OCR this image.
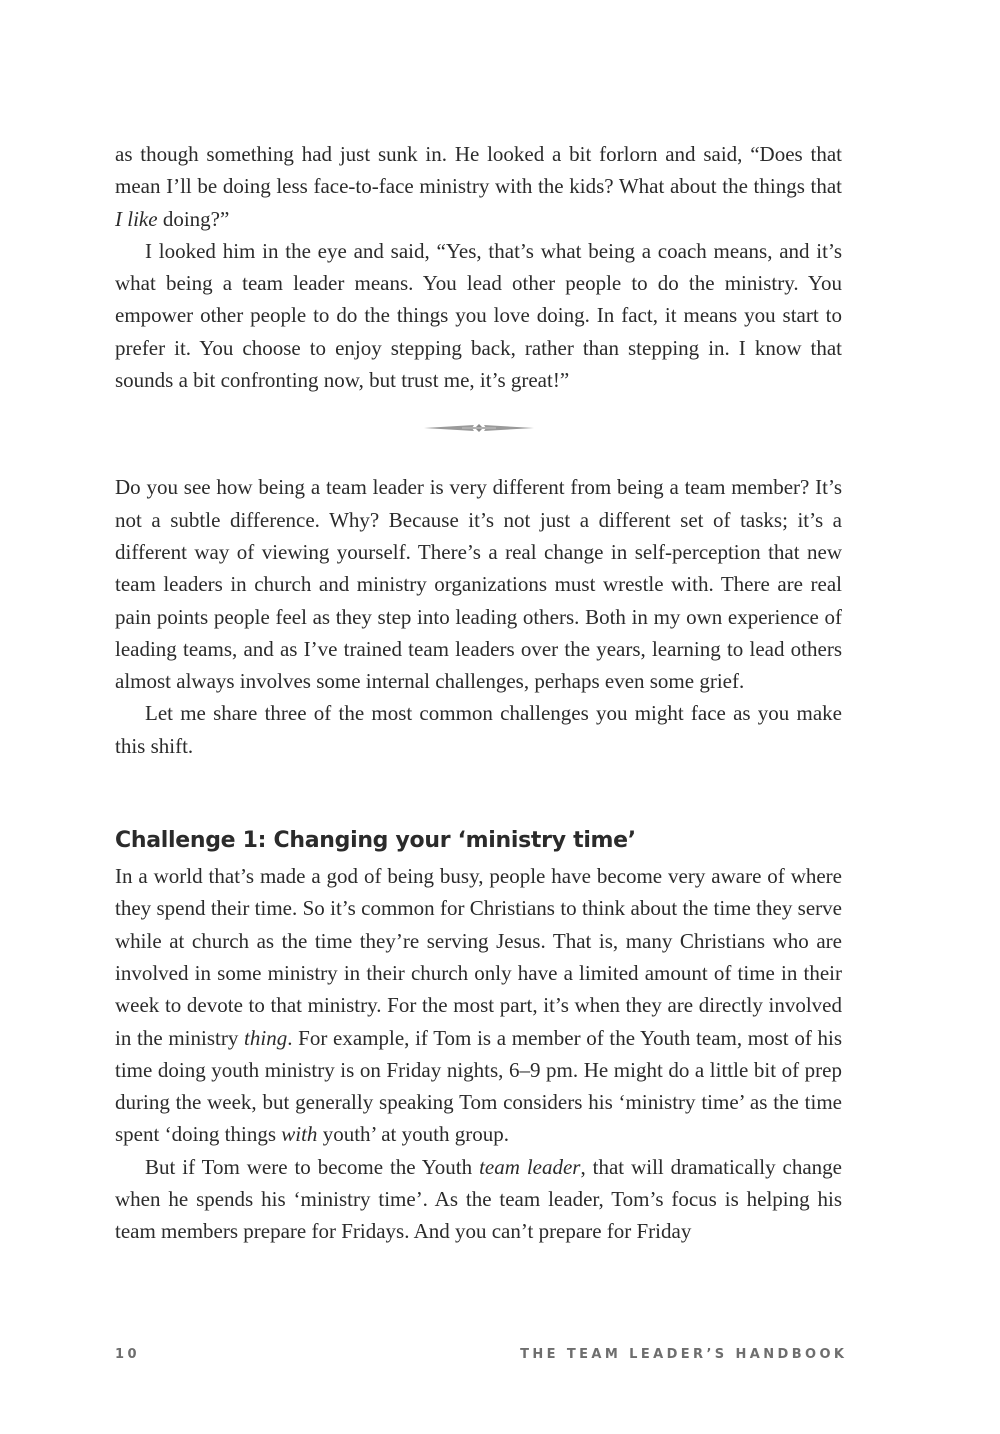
as though something had just sunk in. He looked a bit forlorn and said, “Does that mean I’ll be doing less face-to-face ministry with the kids? What about the things that I like doing?”

I looked him in the eye and said, “Yes, that’s what being a coach means, and it’s what being a team leader means. You lead other people to do the ministry. You empower other people to do the things you love doing. In fact, it means you start to prefer it. You choose to enjoy stepping back, rather than stepping in. I know that sounds a bit confronting now, but trust me, it’s great!”

Do you see how being a team leader is very different from being a team member? It’s not a subtle difference. Why? Because it’s not just a different set of tasks; it’s a different way of viewing yourself. There’s a real change in self-perception that new team leaders in church and ministry organizations must wrestle with. There are real pain points people feel as they step into leading others. Both in my own experience of leading teams, and as I’ve trained team leaders over the years, learning to lead others almost always involves some internal challenges, perhaps even some grief.

Let me share three of the most common challenges you might face as you make this shift.

Challenge 1: Changing your ‘ministry time’

In a world that’s made a god of being busy, people have become very aware of where they spend their time. So it’s common for Christians to think about the time they serve while at church as the time they’re serving Jesus. That is, many Christians who are involved in some ministry in their church only have a limited amount of time in their week to devote to that ministry. For the most part, it’s when they are directly involved in the ministry thing. For example, if Tom is a member of the Youth team, most of his time doing youth ministry is on Friday nights, 6–9 pm. He might do a little bit of prep during the week, but generally speaking Tom considers his ‘ministry time’ as the time spent ‘doing things with youth’ at youth group.

But if Tom were to become the Youth team leader, that will dramatically change when he spends his ‘ministry time’. As the team leader, Tom’s focus is helping his team members prepare for Fridays. And you can’t prepare for Friday

10	THE TEAM LEADER’S HANDBOOK
